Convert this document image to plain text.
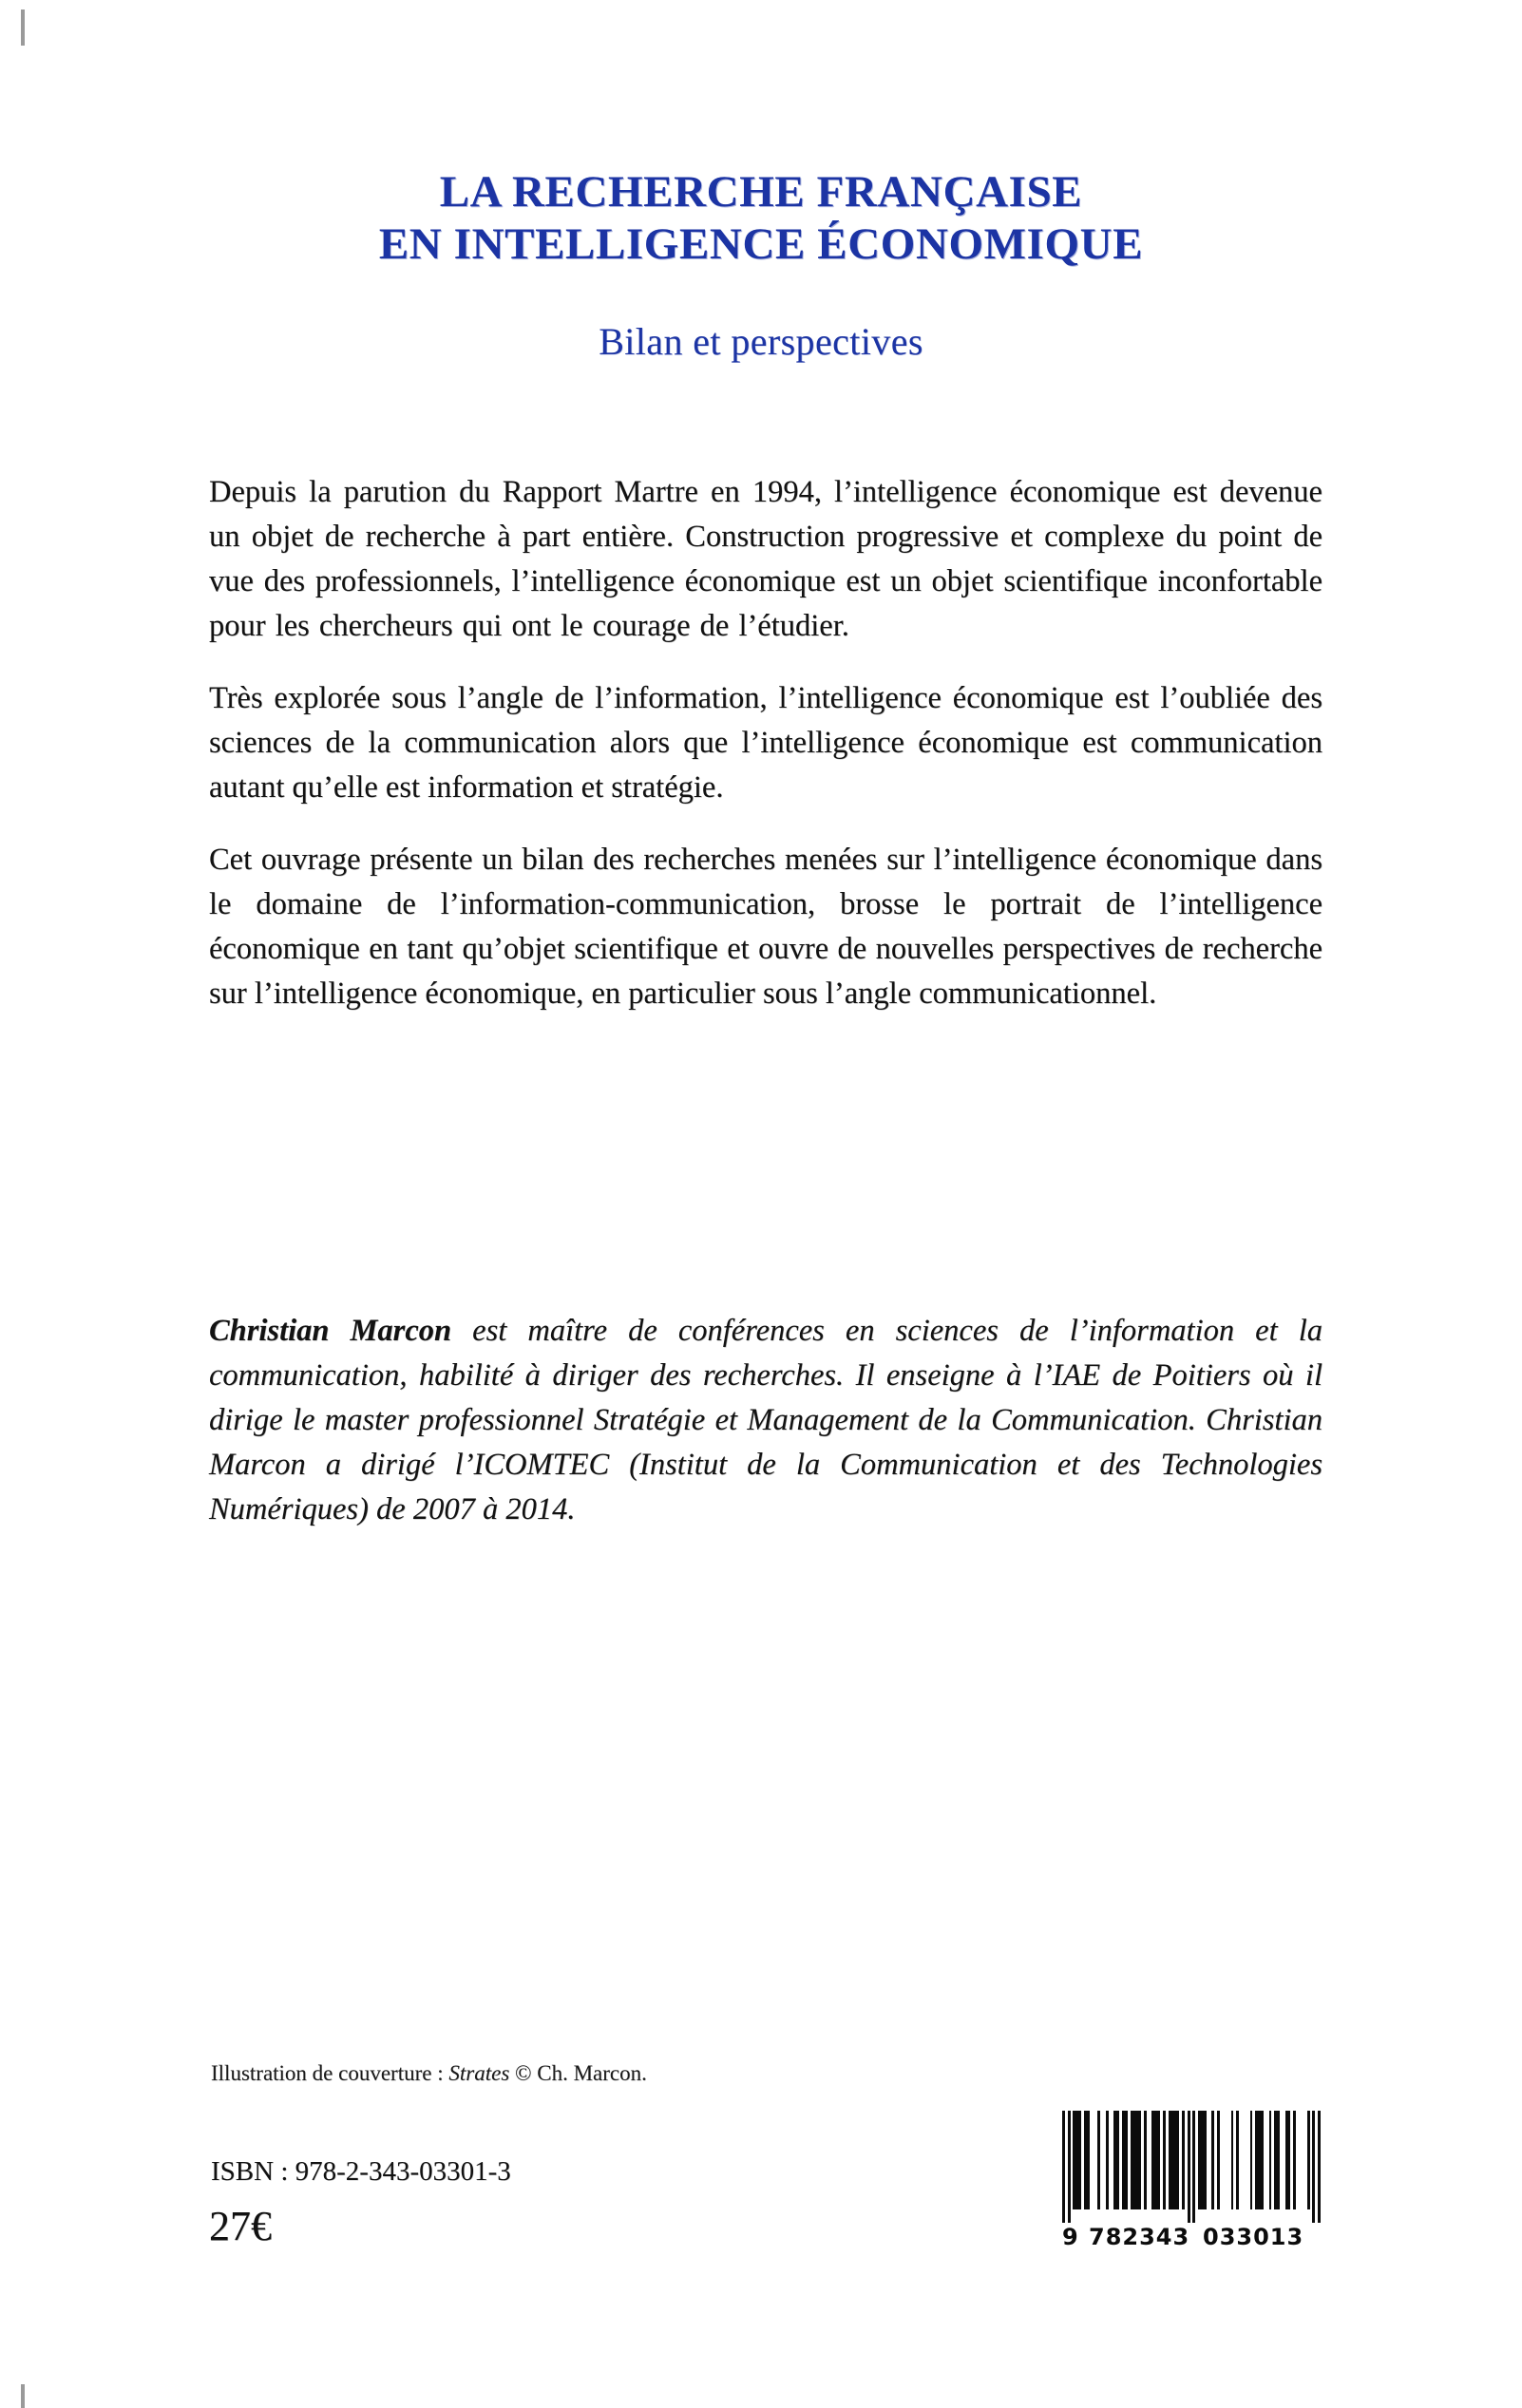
LA RECHERCHE FRANÇAISE
EN INTELLIGENCE ÉCONOMIQUE

Bilan et perspectives

Depuis la parution du Rapport Martre en 1994, l’intelligence économique est devenue un objet de recherche à part entière. Construction progressive et complexe du point de vue des professionnels, l’intelligence économique est un objet scientifique inconfortable pour les chercheurs qui ont le courage de l’étudier.

Très explorée sous l’angle de l’information, l’intelligence économique est l’oubliée des sciences de la communication alors que l’intelligence économique est communication autant qu’elle est information et stratégie.

Cet ouvrage présente un bilan des recherches menées sur l’intelligence économique dans le domaine de l’information-communication, brosse le portrait de l’intelligence économique en tant qu’objet scientifique et ouvre de nouvelles perspectives de recherche sur l’intelligence économique, en particulier sous l’angle communicationnel.

Christian Marcon est maître de conférences en sciences de l’information et la communication, habilité à diriger des recherches. Il enseigne à l’IAE de Poitiers où il dirige le master professionnel Stratégie et Management de la Communication. Christian Marcon a dirigé l’ICOMTEC (Institut de la Communication et des Technologies Numériques) de 2007 à 2014.

Illustration de couverture : Strates © Ch. Marcon.
ISBN : 978-2-343-03301-3
27€	9 782343 033013
